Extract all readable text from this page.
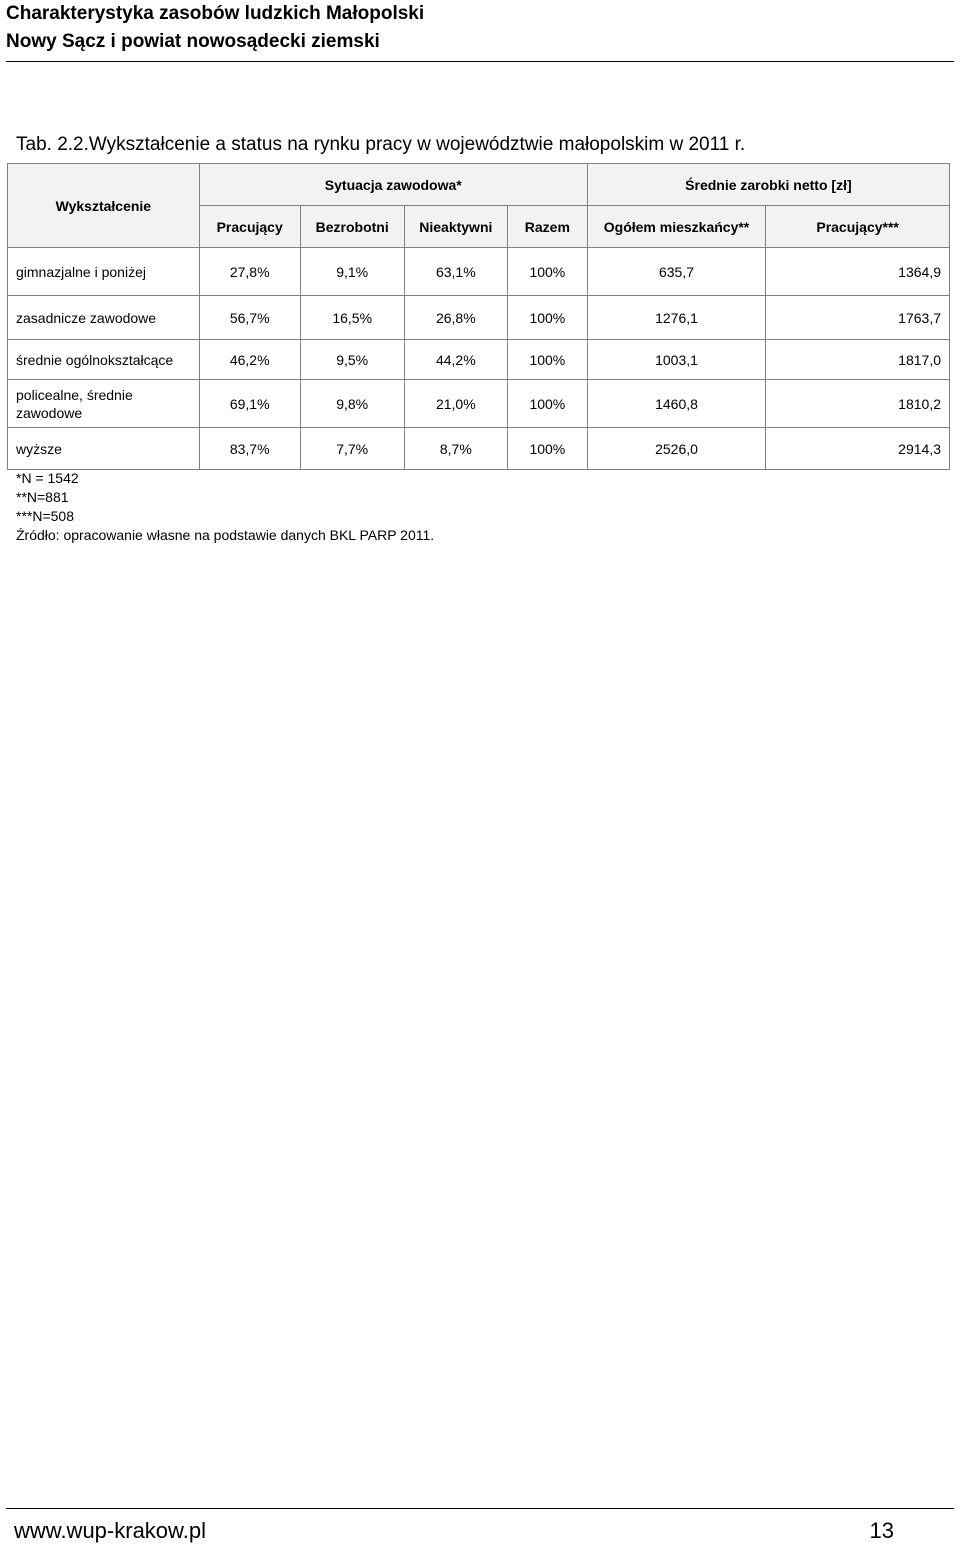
Charakterystyka zasobów ludzkich Małopolski
Nowy Sącz i powiat nowosądecki ziemski
Tab. 2.2.Wykształcenie a status na rynku pracy w województwie małopolskim w 2011 r.
Wykształcenie	Sytuacja zawodowa*				Średnie zarobki netto [zł]	
	Pracujący	Bezrobotni	Nieaktywni	Razem	Ogółem mieszkańcy**	Pracujący***
gimnazjalne i poniżej	27,8%	9,1%	63,1%	100%	635,7	1364,9
zasadnicze zawodowe	56,7%	16,5%	26,8%	100%	1276,1	1763,7
średnie ogólnokształcące	46,2%	9,5%	44,2%	100%	1003,1	1817,0
policealne, średnie zawodowe	69,1%	9,8%	21,0%	100%	1460,8	1810,2
wyższe	83,7%	7,7%	8,7%	100%	2526,0	2914,3
*N = 1542
**N=881
***N=508
Źródło: opracowanie własne na podstawie danych BKL PARP 2011.
www.wup-krakow.pl	13
